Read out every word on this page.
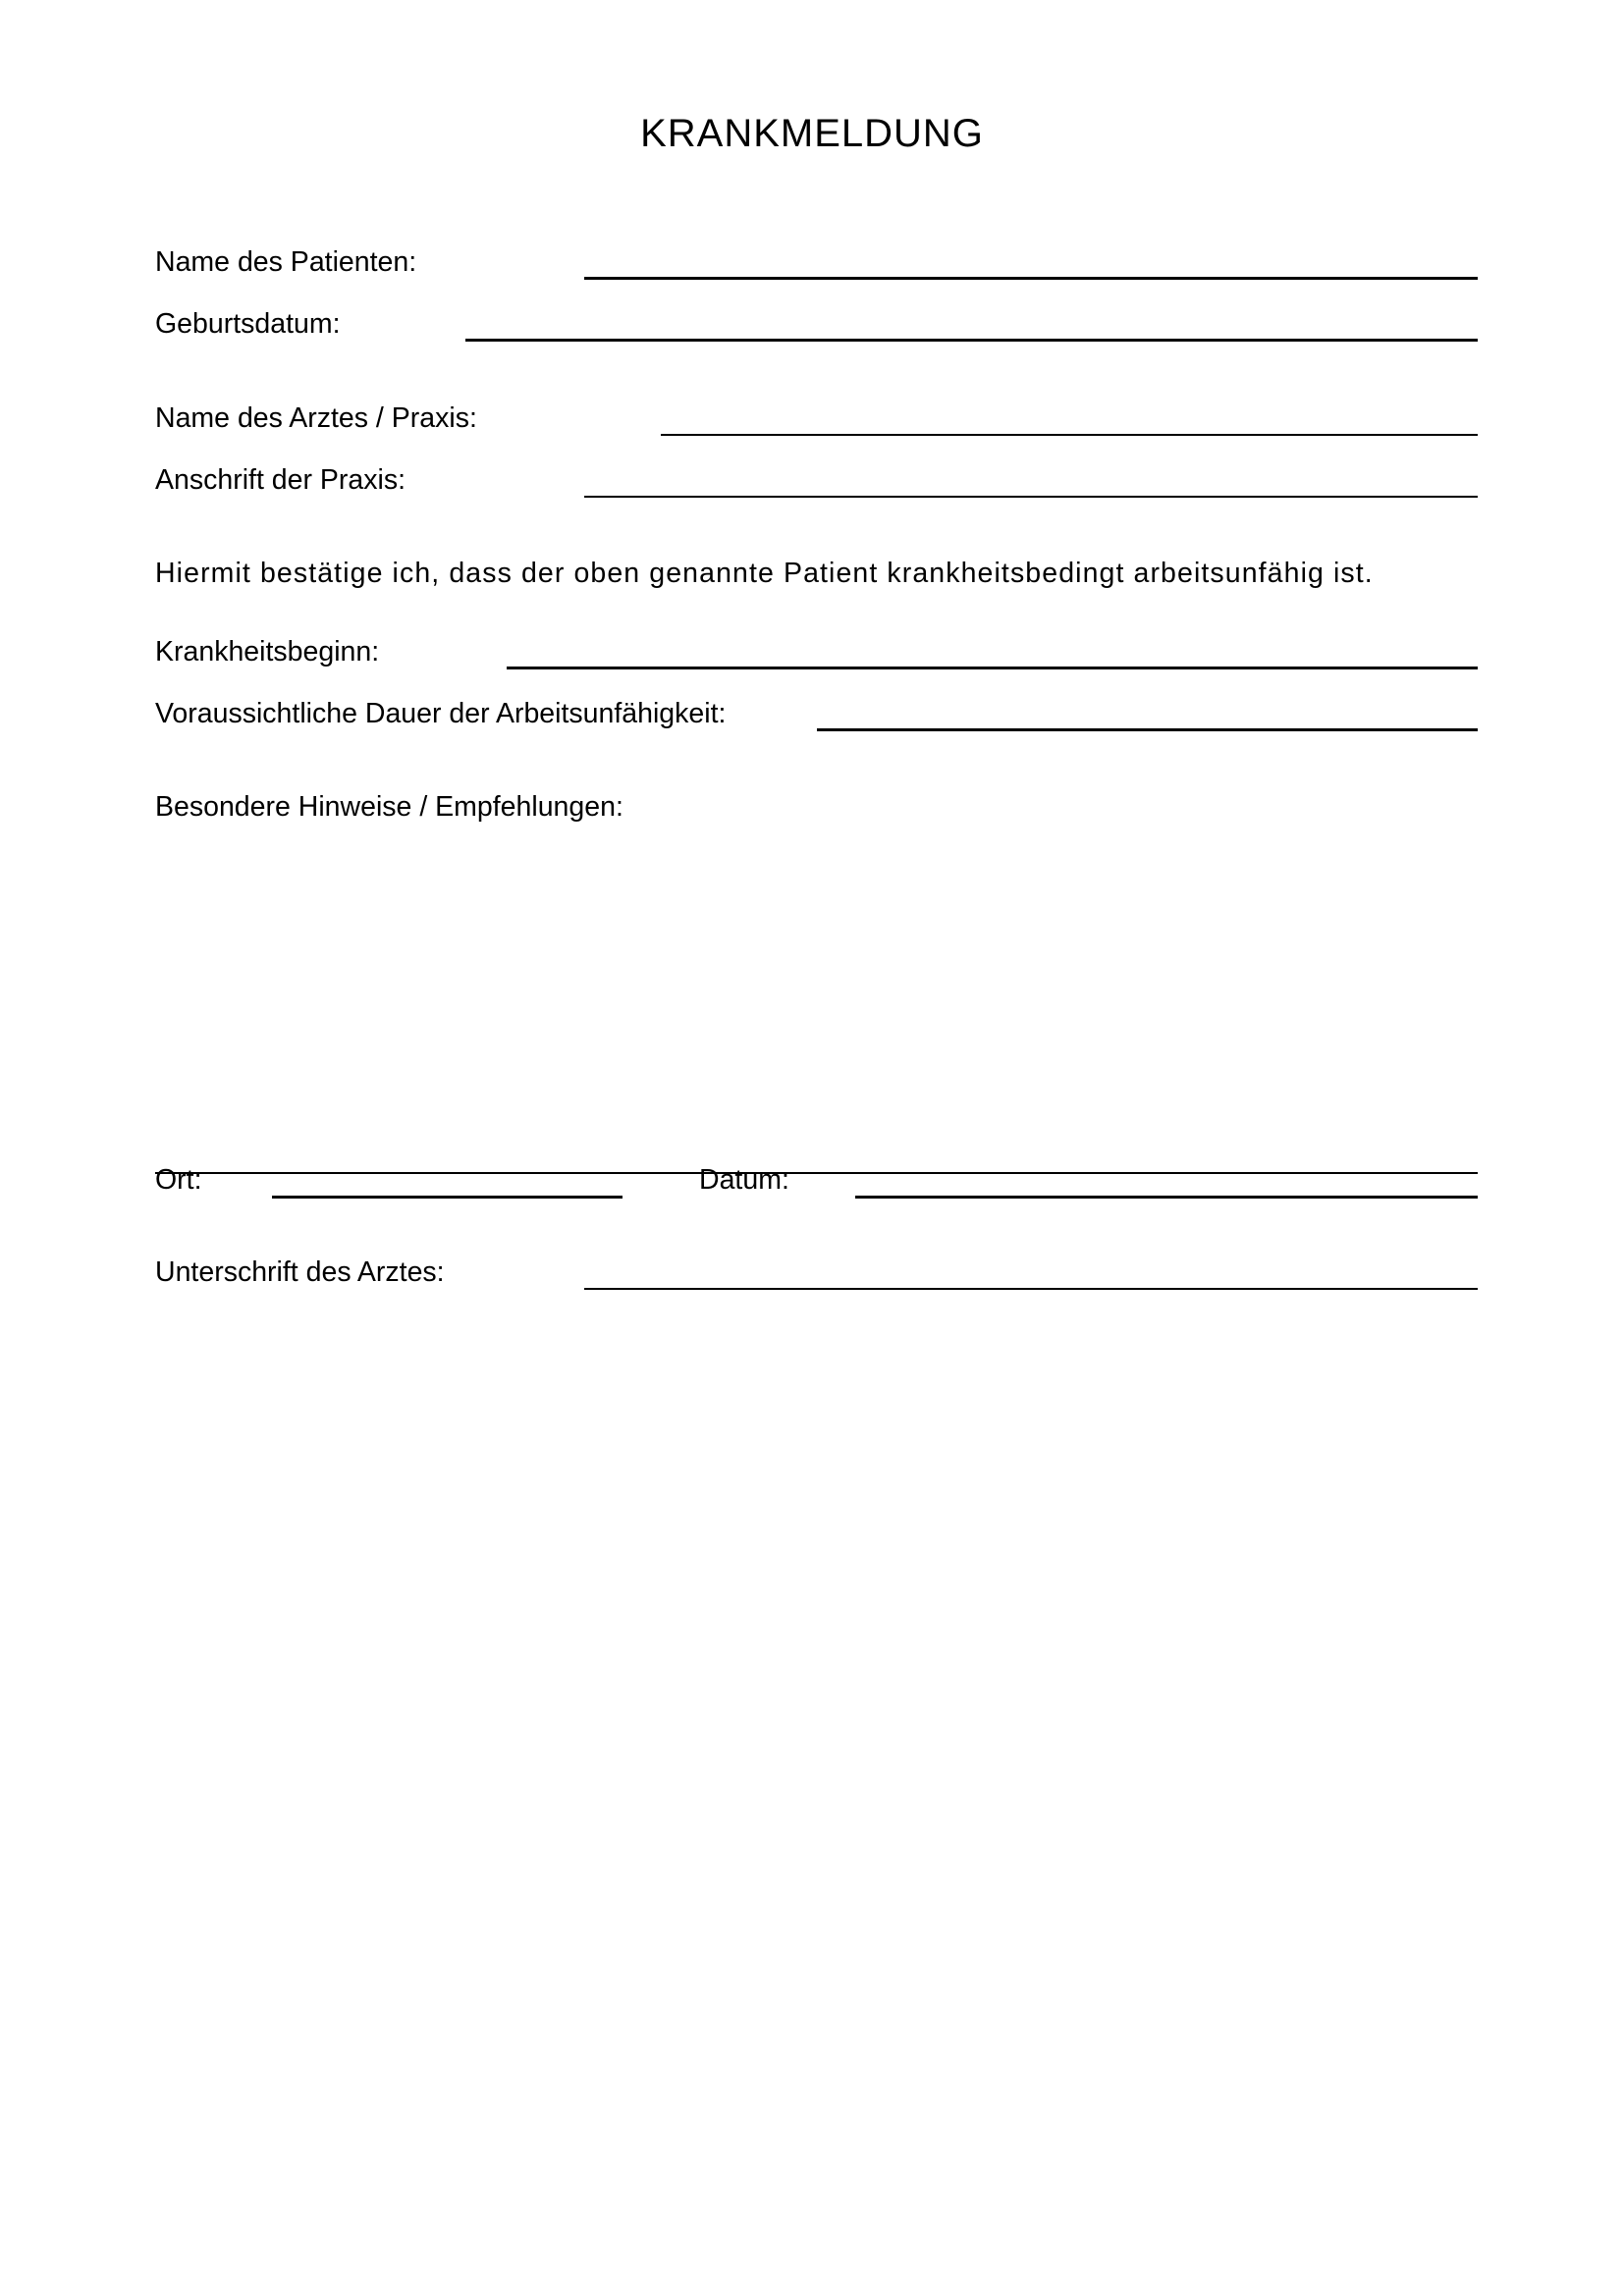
KRANKMELDUNG
Name des Patienten:
Geburtsdatum:
Name des Arztes / Praxis:
Anschrift der Praxis:
Hiermit bestätige ich, dass der oben genannte Patient krankheitsbedingt arbeitsunfähig ist.
Krankheitsbeginn:
Voraussichtliche Dauer der Arbeitsunfähigkeit:
Besondere Hinweise / Empfehlungen:
Ort:	Datum:
Unterschrift des Arztes:
